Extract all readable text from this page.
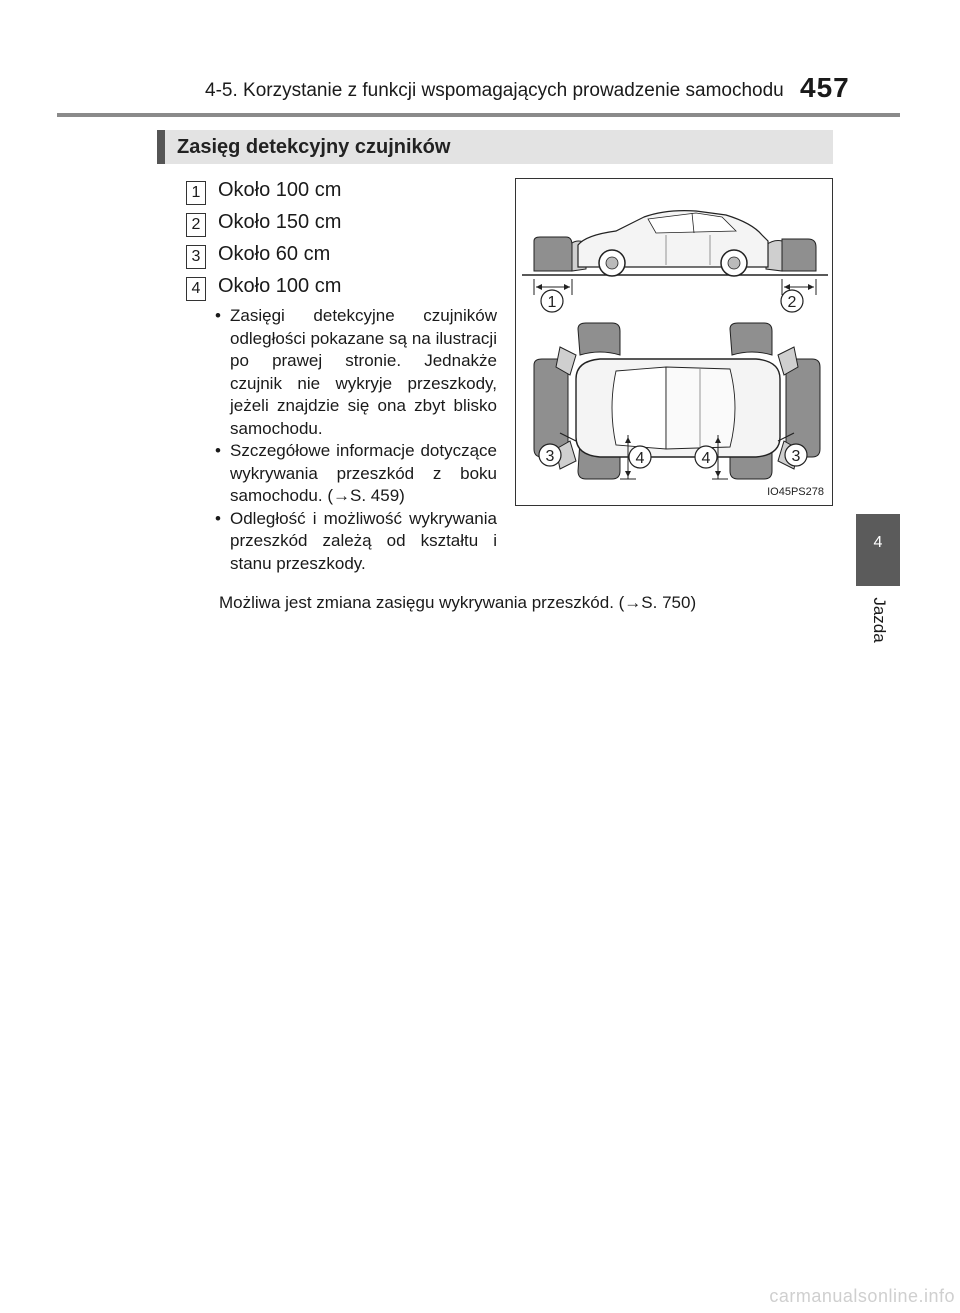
4-5. Korzystanie z funkcji wspomagających prowadzenie samochodu 457
Zasięg detekcyjny czujników
4
Jazda
1 Około 100 cm
2 Około 150 cm
3 Około 60 cm
4 Około 100 cm
• Zasięgi detekcyjne czujników odległości pokazane są na ilustracji po prawej stronie. Jednakże czujnik nie wykryje przeszkody, jeżeli znajdzie się ona zbyt blisko samochodu.
• Szczegółowe informacje dotyczące wykrywania przeszkód z boku samochodu. (→S. 459)
• Odległość i możliwość wykrywania przeszkód zależą od kształtu i stanu przeszkody.
Możliwa jest zmiana zasięgu wykrywania przeszkód. (→S. 750)
1	2
3	4	4	3
IO45PS278
carmanualsonline.info
